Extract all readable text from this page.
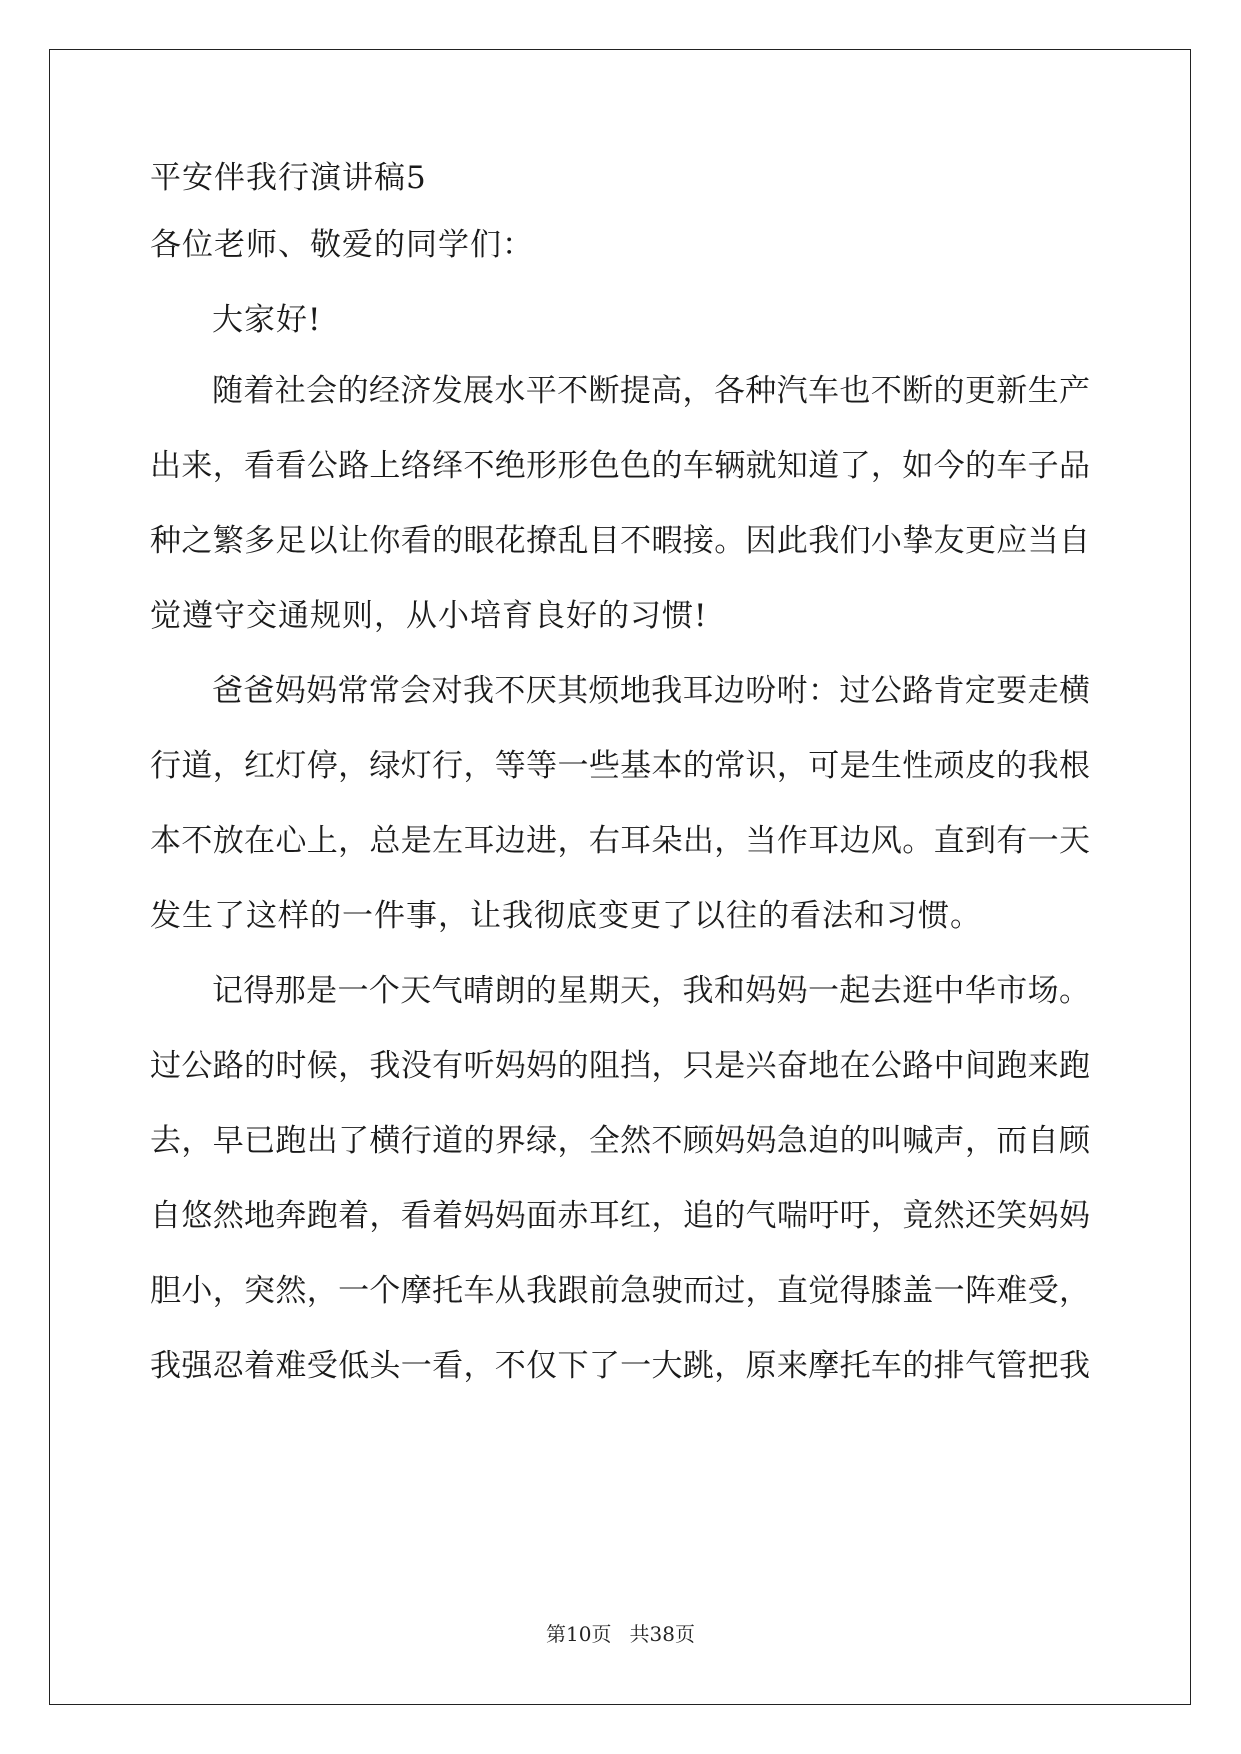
平安伴我行演讲稿5
各位老师、敬爱的同学们：
大家好!
随着社会的经济发展水平不断提高，各种汽车也不断的更新生产
出来，看看公路上络绎不绝形形色色的车辆就知道了，如今的车子品
种之繁多足以让你看的眼花撩乱目不暇接。因此我们小挚友更应当自
觉遵守交通规则，从小培育良好的习惯!
爸爸妈妈常常会对我不厌其烦地我耳边吩咐：过公路肯定要走横
行道，红灯停，绿灯行，等等一些基本的常识，可是生性顽皮的我根
本不放在心上，总是左耳边进，右耳朵出，当作耳边风。直到有一天
发生了这样的一件事，让我彻底变更了以往的看法和习惯。
记得那是一个天气晴朗的星期天，我和妈妈一起去逛中华市场。
过公路的时候，我没有听妈妈的阻挡，只是兴奋地在公路中间跑来跑
去，早已跑出了横行道的界绿，全然不顾妈妈急迫的叫喊声，而自顾
自悠然地奔跑着，看着妈妈面赤耳红，追的气喘吁吁，竟然还笑妈妈
胆小，突然，一个摩托车从我跟前急驶而过，直觉得膝盖一阵难受，
我强忍着难受低头一看，不仅下了一大跳，原来摩托车的排气管把我
第10页 共38页
